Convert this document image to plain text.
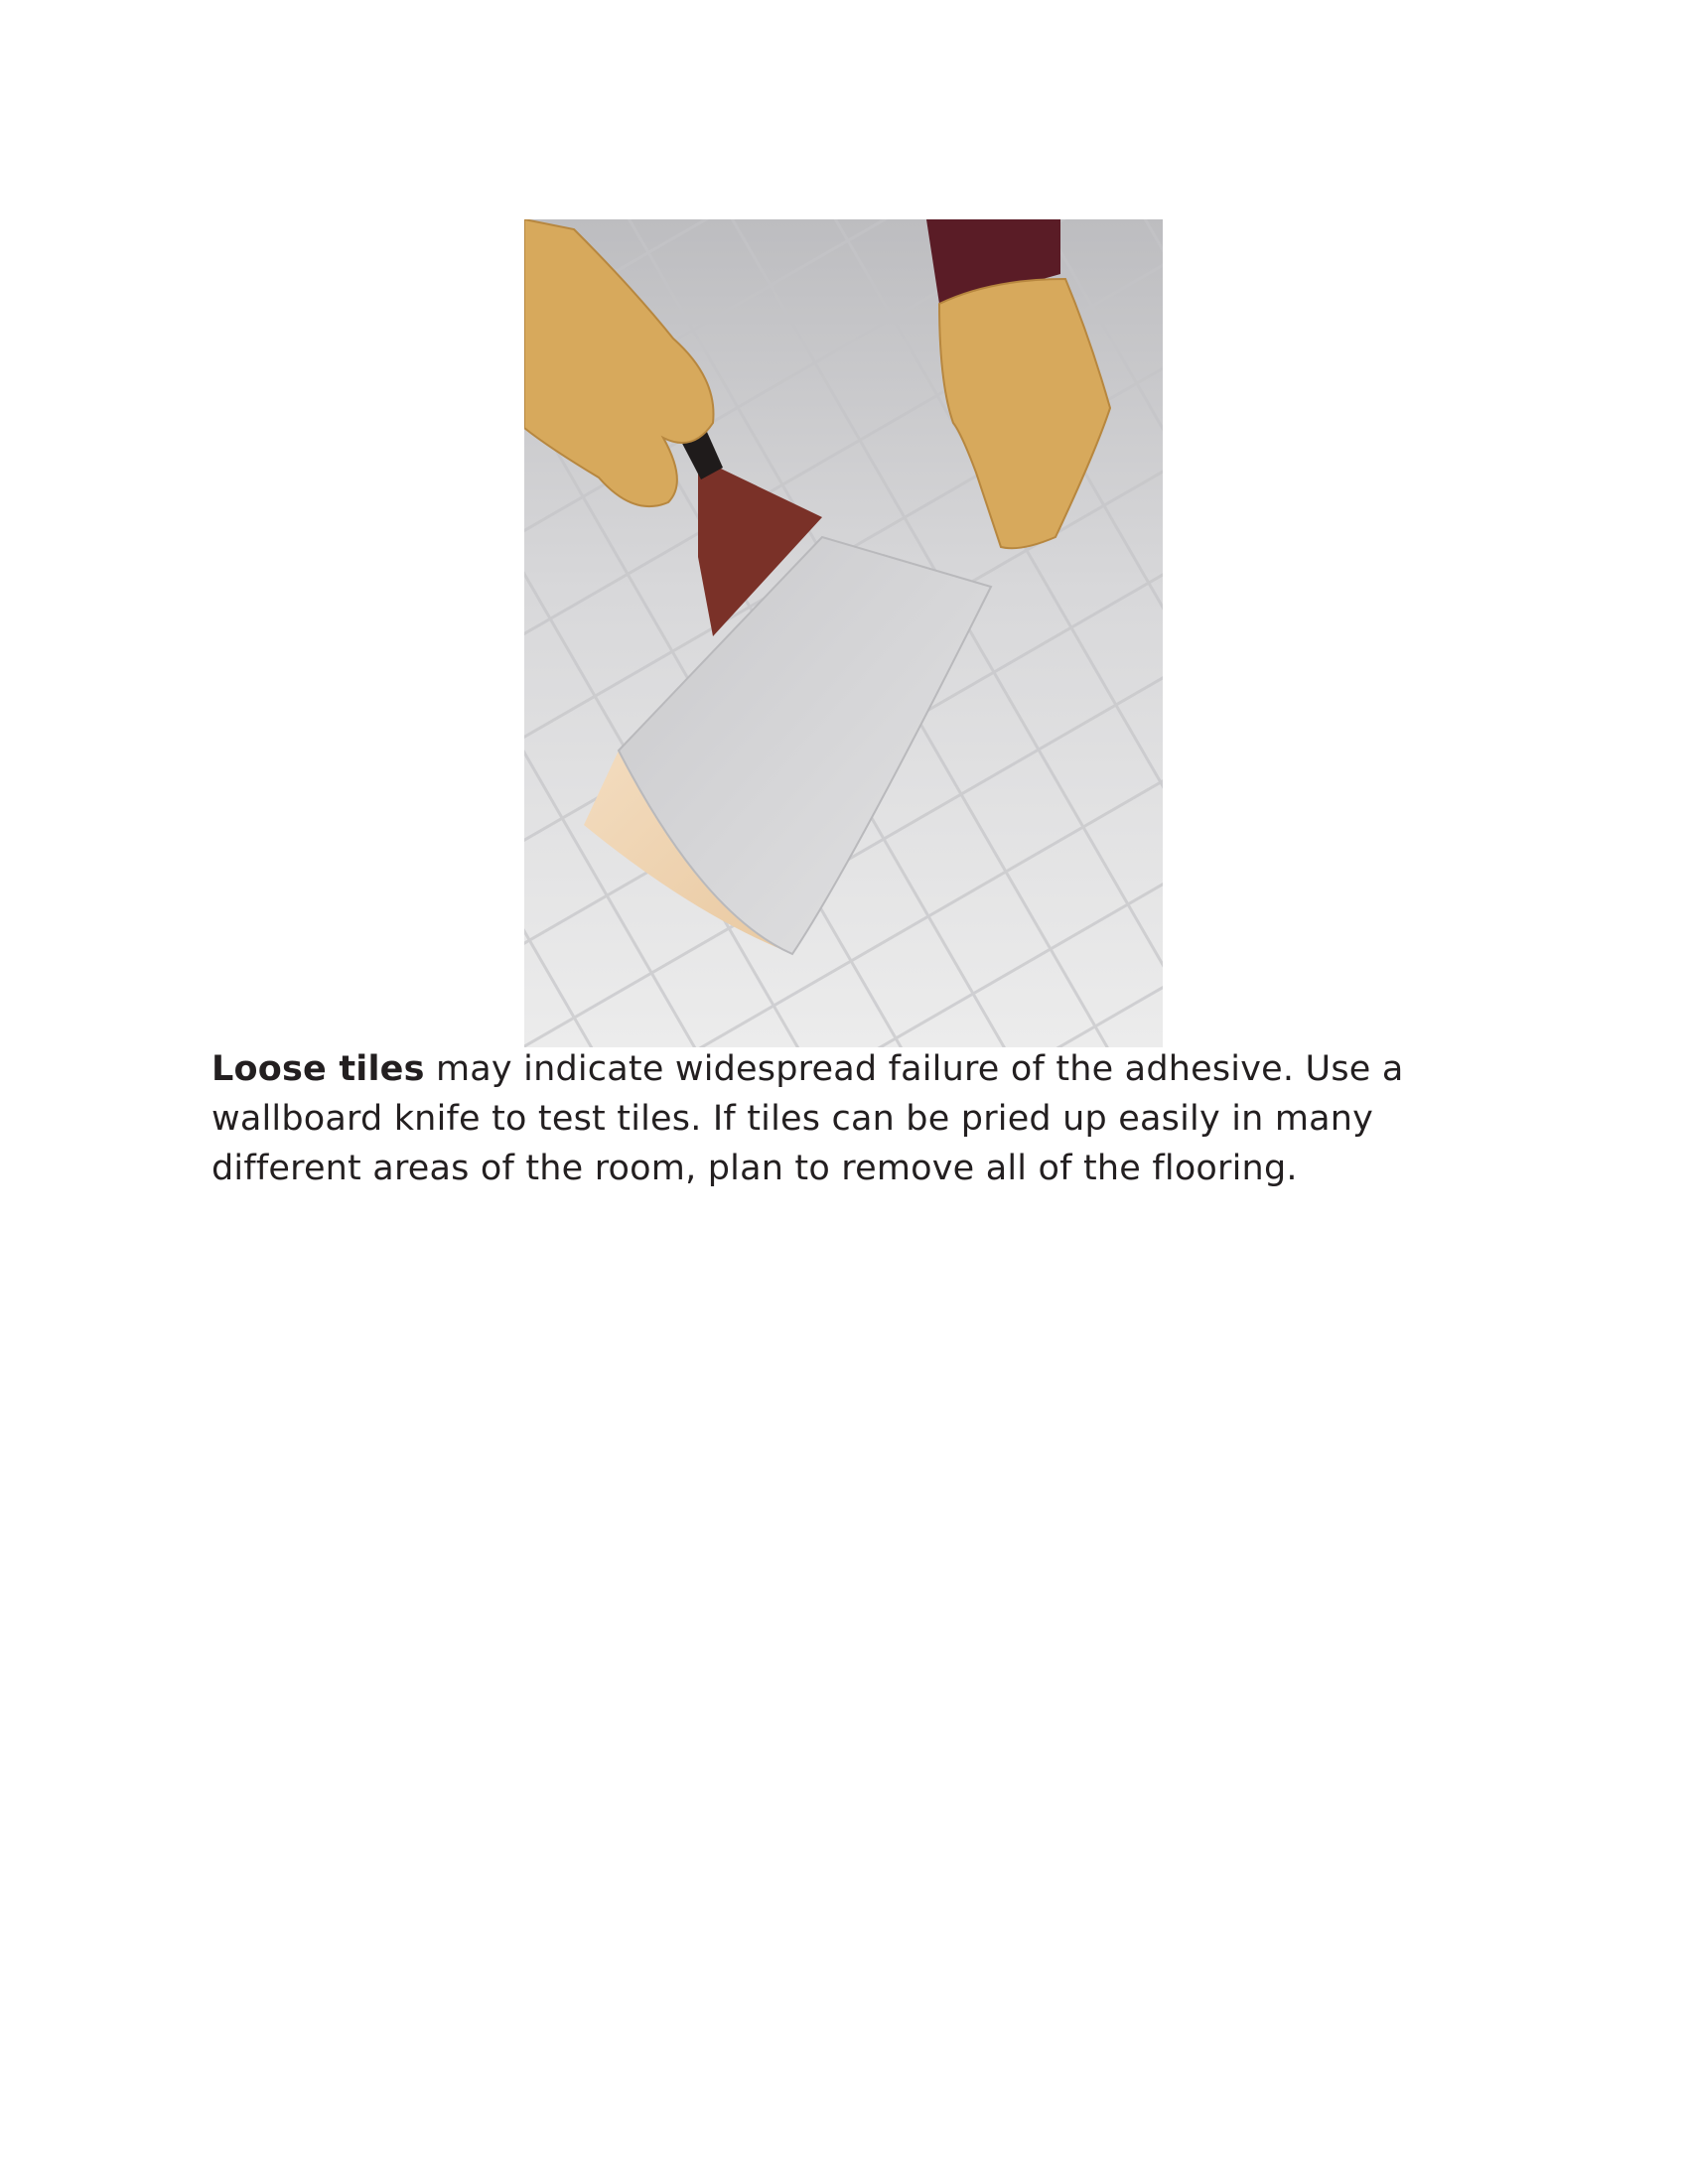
Loose tiles may indicate widespread failure of the adhesive. Use a wallboard knife to test tiles. If tiles can be pried up easily in many different areas of the room, plan to remove all of the flooring.
